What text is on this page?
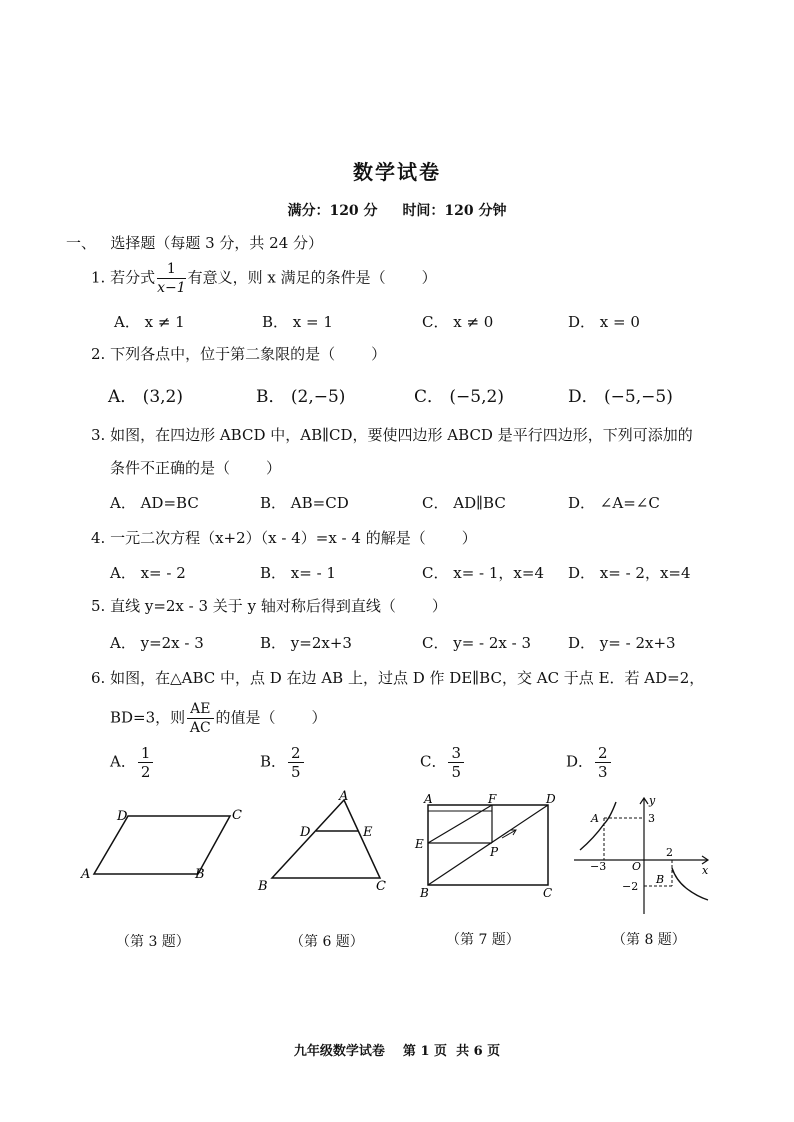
数学试卷
满分：120 分 时间：120 分钟
一、 选择题（每题 3 分，共 24 分）
1. 若分式 $\frac{1}{x-1}$ 有意义，则 x 满足的条件是（ ）
A． x ≠ 1	B． x = 1	C． x ≠ 0	D． x = 0
2. 下列各点中，位于第二象限的是（ ）
A． (3,2)	B． (2,−5)	C． (−5,2)	D． (−5,−5)
3. 如图，在四边形 ABCD 中，AB∥CD，要使四边形 ABCD 是平行四边形，下列可添加的
条件不正确的是（ ）
A． AD=BC	B． AB=CD	C． AD∥BC	D． ∠A=∠C
4. 一元二次方程（x+2）（x - 4）=x - 4 的解是（ ）
A． x= - 2	B． x= - 1	C． x= - 1，x=4 D． x= - 2，x=4
5. 直线 y=2x - 3 关于 y 轴对称后得到直线（ ）
A． y=2x - 3	B． y=2x+3	C． y= - 2x - 3 D． y= - 2x+3
6. 如图，在△ABC 中，点 D 在边 AB 上，过点 D 作 DE∥BC，交 AC 于点 E．若 AD=2，
BD=3，则 $\frac{AE}{AC}$ 的值是（ ）
A． $\frac{1}{2}$	B． $\frac{2}{5}$	C． $\frac{3}{5}$	D． $\frac{2}{3}$
D	C
A	B
A
D	E
B	C
A	F	D
E
P
B	C
y
A	3
−3 O
2
x
−2
B
（第 3 题）	（第 6 题）	（第 7 题）	（第 8 题）
九年级数学试卷    第 1 页  共 6 页
